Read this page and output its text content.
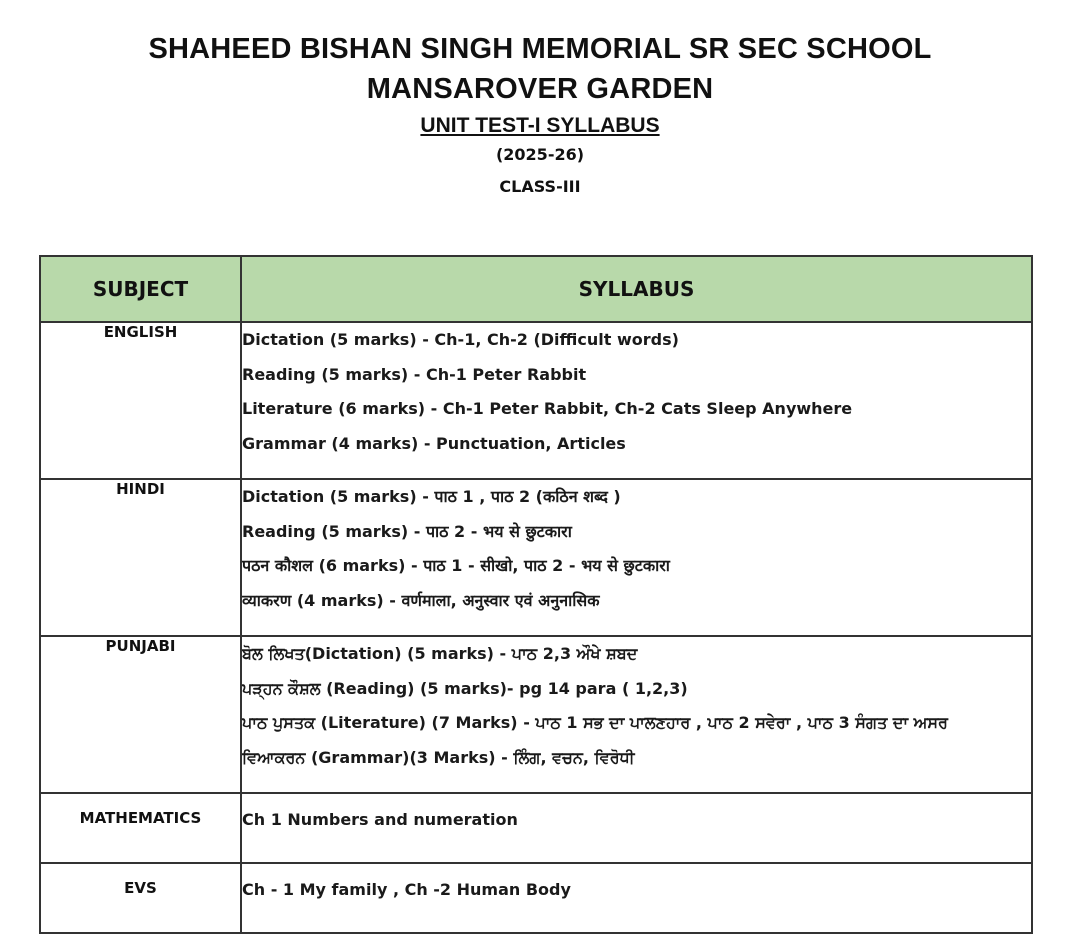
SHAHEED BISHAN SINGH MEMORIAL SR SEC SCHOOL
MANSAROVER GARDEN
UNIT TEST-I SYLLABUS
(2025-26)
CLASS-III
SUBJECT	SYLLABUS
ENGLISH	Dictation (5 marks) - Ch-1, Ch-2 (Difficult words)
Reading (5 marks) - Ch-1 Peter Rabbit
Literature (6 marks) - Ch-1 Peter Rabbit, Ch-2 Cats Sleep Anywhere
Grammar (4 marks) - Punctuation, Articles

HINDI	Dictation (5 marks) - पाठ 1 , पाठ 2 (कठिन शब्द )
Reading (5 marks) - पाठ 2 - भय से छुटकारा
पठन कौशल (6 marks) - पाठ 1 - सीखो, पाठ 2 - भय से छुटकारा
व्याकरण (4 marks) - वर्णमाला, अनुस्वार एवं अनुनासिक

PUNJABI	ਬੋਲ ਲਿਖਤ(Dictation) (5 marks) - ਪਾਠ 2,3 ਔਖੇ ਸ਼ਬਦ
ਪੜ੍ਹਨ ਕੌਸ਼ਲ (Reading) (5 marks)- pg 14 para ( 1,2,3)
ਪਾਠ ਪੁਸਤਕ (Literature) (7 Marks) - ਪਾਠ 1 ਸਭ ਦਾ ਪਾਲਣਹਾਰ , ਪਾਠ 2 ਸਵੇਰਾ , ਪਾਠ 3 ਸੰਗਤ ਦਾ ਅਸਰ
ਵਿਆਕਰਨ (Grammar)(3 Marks) - ਲਿੰਗ, ਵਚਨ, ਵਿਰੋਧੀ

MATHEMATICS	Ch 1 Numbers and numeration

EVS	Ch - 1 My family , Ch -2 Human Body
